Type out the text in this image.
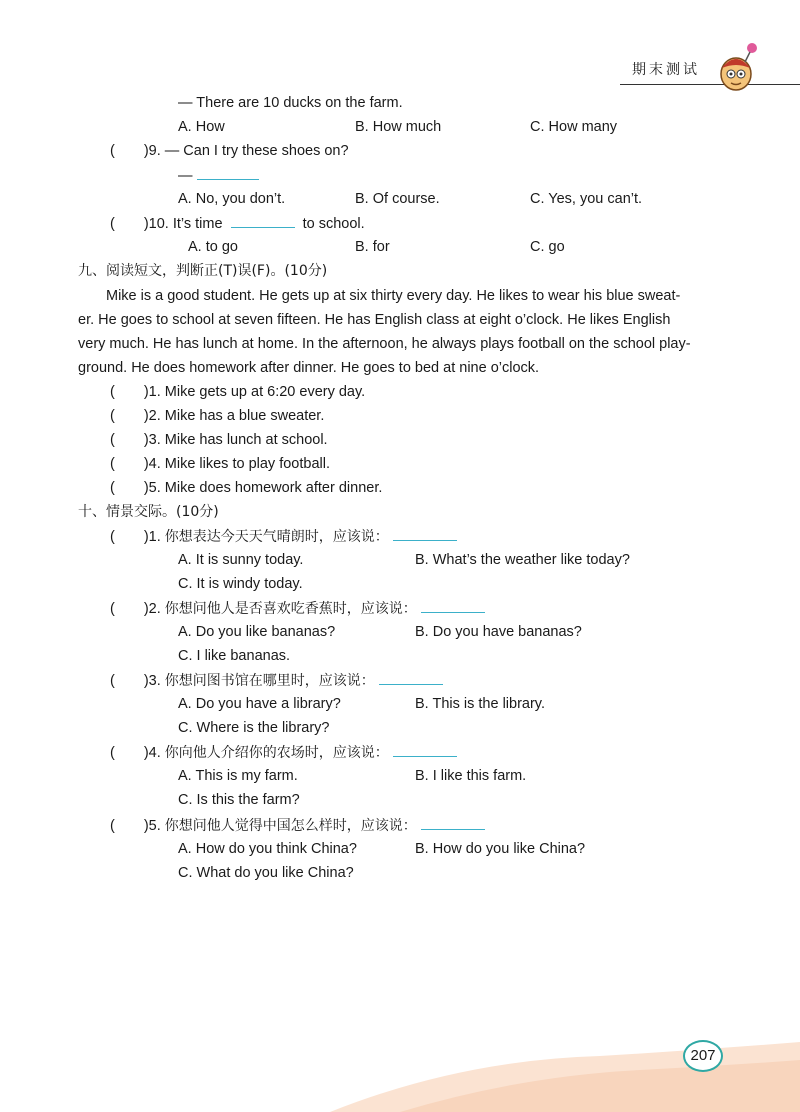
期末测试
— There are 10 ducks on the farm.
A. How	B. How much	C. How many
(　　)9. — Can I try these shoes on?
—
A. No, you don’t.	B. Of course.	C. Yes, you can’t.
(　　)10. It’s time	to school.
A. to go	B. for	C. go
九、阅读短文，判断正(T)误(F)。(10分)
Mike is a good student. He gets up at six thirty every day. He likes to wear his blue sweat-
er. He goes to school at seven fifteen. He has English class at eight o’clock. He likes English
very much. He has lunch at home. In the afternoon, he always plays football on the school play-
ground. He does homework after dinner. He goes to bed at nine o’clock.
(　　)1. Mike gets up at 6:20 every day.
(　　)2. Mike has a blue sweater.
(　　)3. Mike has lunch at school.
(　　)4. Mike likes to play football.
(　　)5. Mike does homework after dinner.
十、情景交际。(10分)
(　　)1. 你想表达今天天气晴朗时，应该说：
A. It is sunny today.	B. What’s the weather like today?
C. It is windy today.
(　　)2. 你想问他人是否喜欢吃香蕉时，应该说：
A. Do you like bananas?	B. Do you have bananas?
C. I like bananas.
(　　)3. 你想问图书馆在哪里时，应该说：
A. Do you have a library?	B. This is the library.
C. Where is the library?
(　　)4. 你向他人介绍你的农场时，应该说：
A. This is my farm.	B. I like this farm.
C. Is this the farm?
(　　)5. 你想问他人觉得中国怎么样时，应该说：
A. How do you think China?	B. How do you like China?
C. What do you like China?
207
